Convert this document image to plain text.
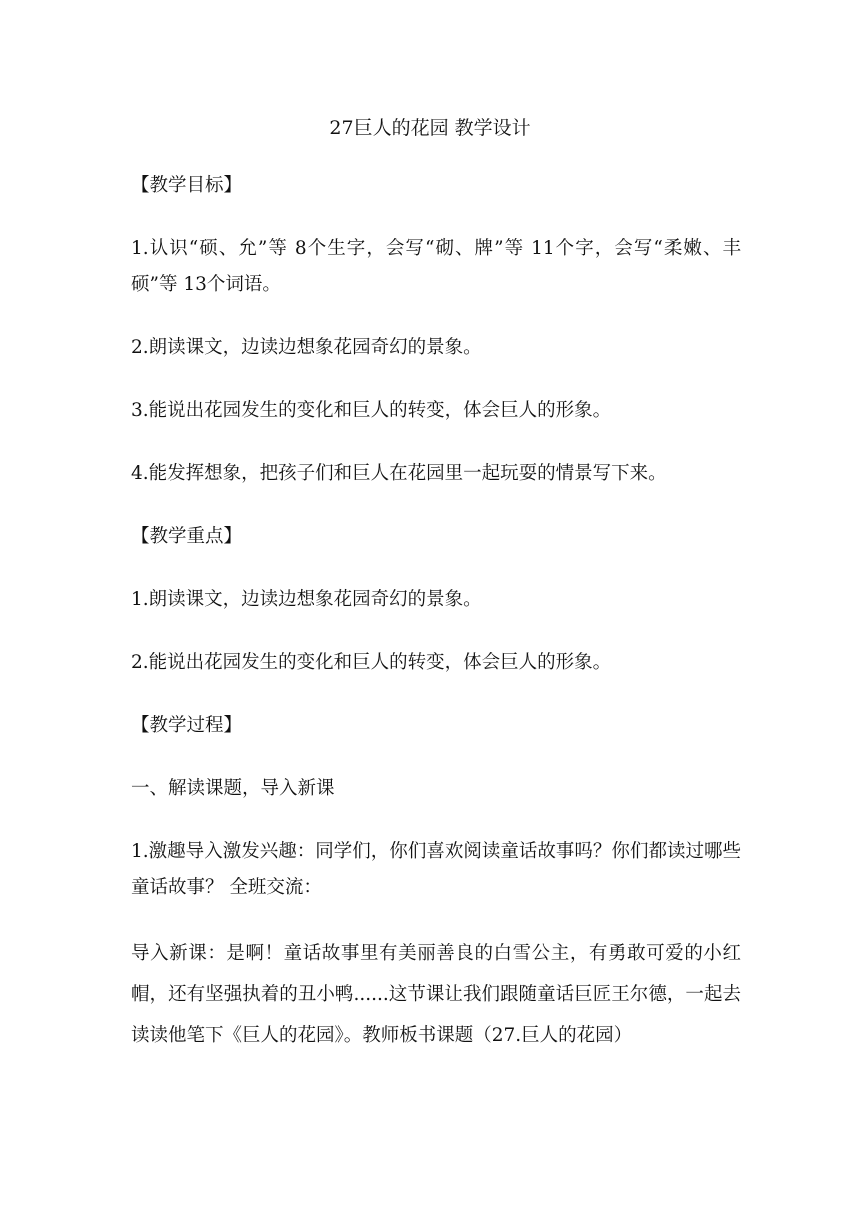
27巨人的花园 教学设计

【教学目标】

1.认识“硕、允”等 8个生字，会写“砌、牌”等 11个字，会写“柔嫩、丰硕”等 13个词语。

2.朗读课文，边读边想象花园奇幻的景象。

3.能说出花园发生的变化和巨人的转变，体会巨人的形象。

4.能发挥想象，把孩子们和巨人在花园里一起玩耍的情景写下来。

【教学重点】

1.朗读课文，边读边想象花园奇幻的景象。

2.能说出花园发生的变化和巨人的转变，体会巨人的形象。

【教学过程】

一、解读课题，导入新课

1.激趣导入激发兴趣：同学们，你们喜欢阅读童话故事吗？你们都读过哪些童话故事？ 全班交流：

导入新课：是啊！童话故事里有美丽善良的白雪公主，有勇敢可爱的小红帽，还有坚强执着的丑小鸭......这节课让我们跟随童话巨匠王尔德，一起去读读他笔下《巨人的花园》。教师板书课题（27.巨人的花园）
